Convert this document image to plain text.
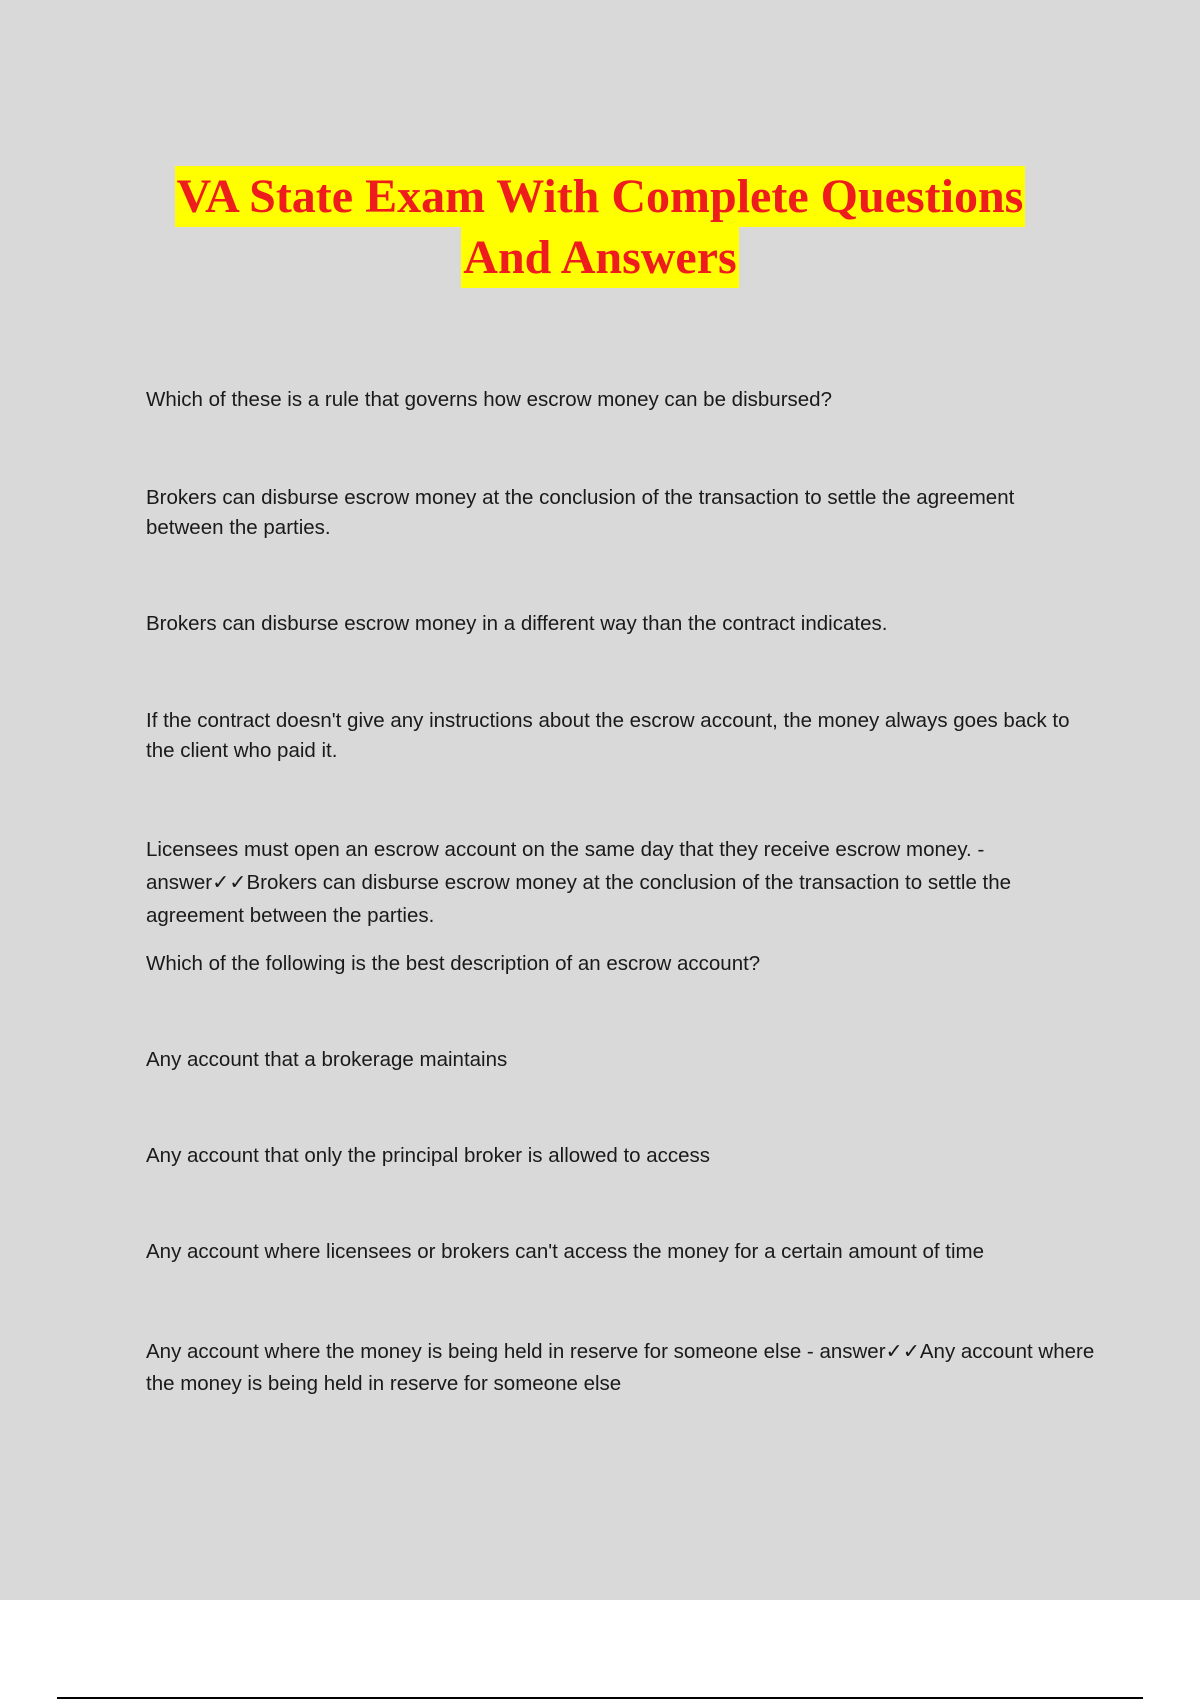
VA State Exam With Complete Questions
And Answers

Which of these is a rule that governs how escrow money can be disbursed?

Brokers can disburse escrow money at the conclusion of the transaction to settle the agreement between the parties.

Brokers can disburse escrow money in a different way than the contract indicates.

If the contract doesn't give any instructions about the escrow account, the money always goes back to the client who paid it.

Licensees must open an escrow account on the same day that they receive escrow money. - answer✓✓Brokers can disburse escrow money at the conclusion of the transaction to settle the agreement between the parties.

Which of the following is the best description of an escrow account?

Any account that a brokerage maintains

Any account that only the principal broker is allowed to access

Any account where licensees or brokers can't access the money for a certain amount of time

Any account where the money is being held in reserve for someone else - answer✓✓Any account where the money is being held in reserve for someone else
